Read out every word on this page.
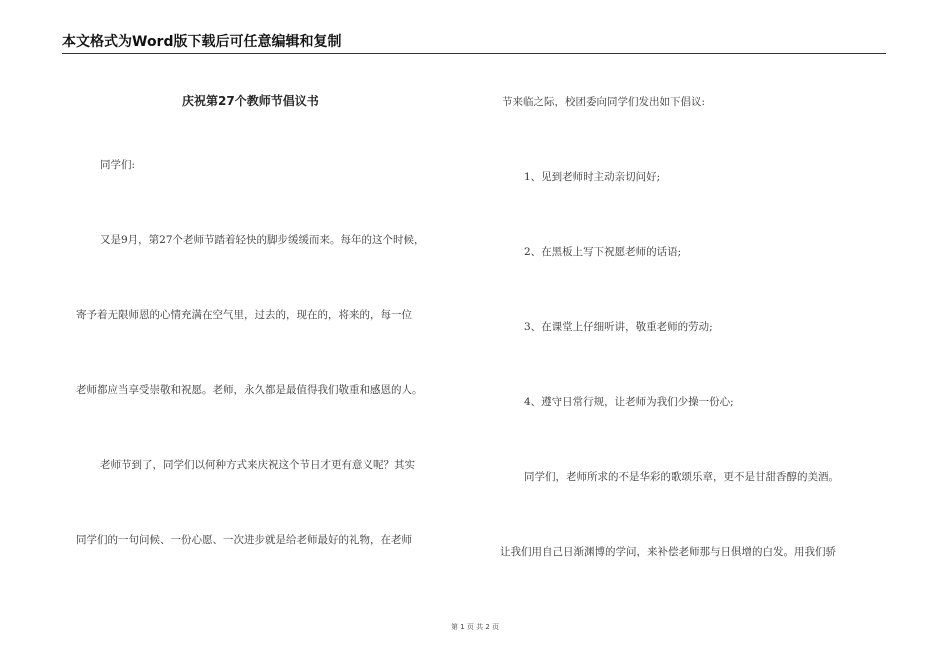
本文格式为Word版下载后可任意编辑和复制
庆祝第27个教师节倡议书
同学们:
又是9月，第27个老师节踏着轻快的脚步缓缓而来。每年的这个时候，
寄予着无限师恩的心情充满在空气里，过去的，现在的，将来的，每一位
老师都应当享受崇敬和祝愿。老师，永久都是最值得我们敬重和感恩的人。
老师节到了，同学们以何种方式来庆祝这个节日才更有意义呢？其实
同学们的一句问候、一份心愿、一次进步就是给老师最好的礼物，在老师
节来临之际，校团委向同学们发出如下倡议:
1、见到老师时主动亲切问好;
2、在黑板上写下祝愿老师的话语;
3、在课堂上仔细听讲，敬重老师的劳动;
4、遵守日常行规，让老师为我们少操一份心;
同学们，老师所求的不是华彩的歌颂乐章，更不是甘甜香醇的美酒。
让我们用自己日渐渊博的学问，来补偿老师那与日俱增的白发。用我们骄
第 1 页 共 2 页
